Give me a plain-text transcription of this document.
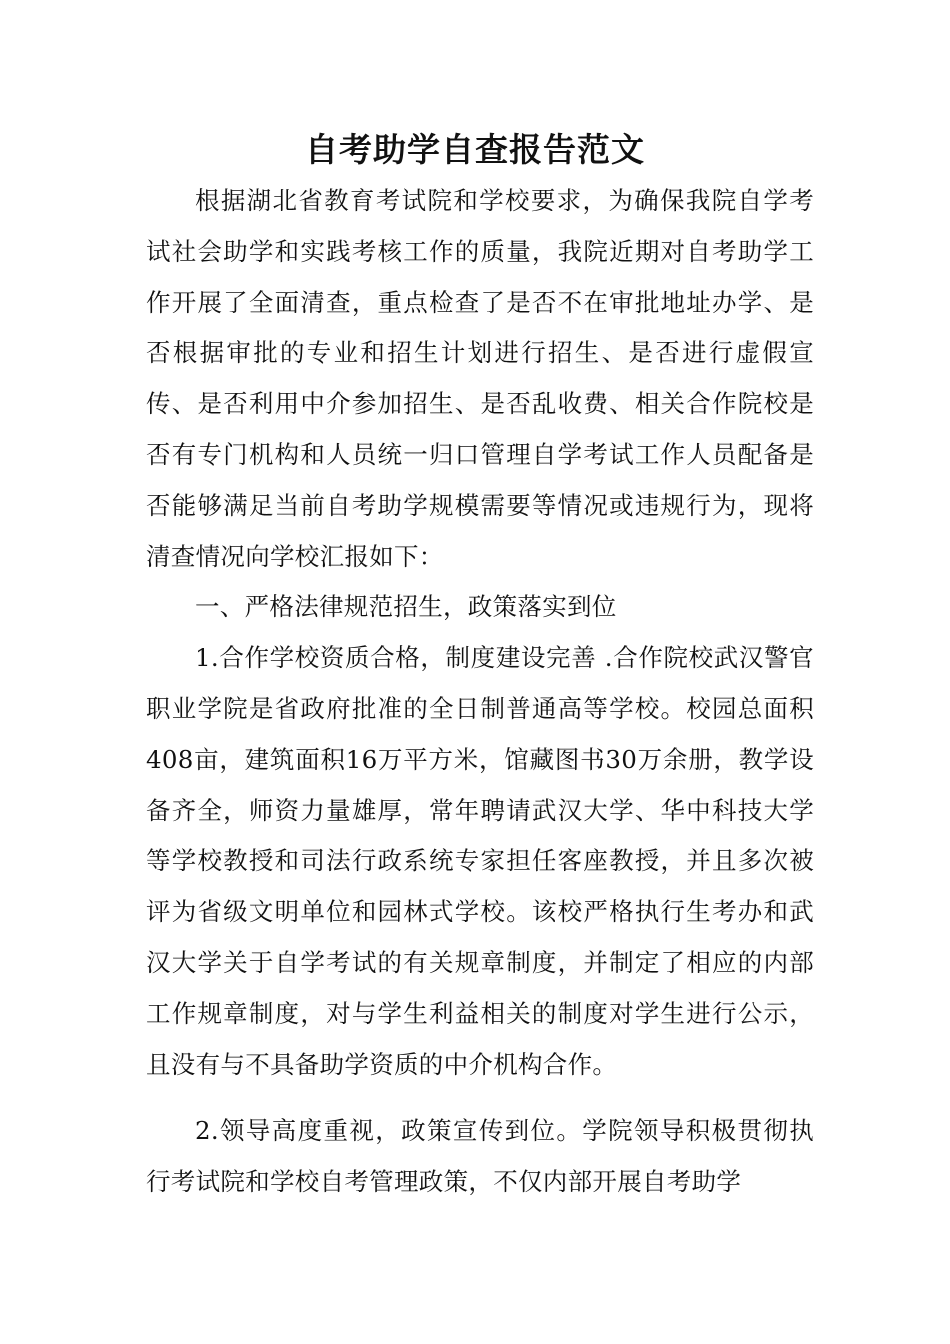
自考助学自查报告范文

根据湖北省教育考试院和学校要求，为确保我院自学考试社会助学和实践考核工作的质量，我院近期对自考助学工作开展了全面清查，重点检查了是否不在审批地址办学、是否根据审批的专业和招生计划进行招生、是否进行虚假宣传、是否利用中介参加招生、是否乱收费、相关合作院校是否有专门机构和人员统一归口管理自学考试工作人员配备是否能够满足当前自考助学规模需要等情况或违规行为，现将清查情况向学校汇报如下：

一、严格法律规范招生，政策落实到位

1.合作学校资质合格，制度建设完善 .合作院校武汉警官职业学院是省政府批准的全日制普通高等学校。校园总面积408亩，建筑面积16万平方米，馆藏图书30万余册，教学设备齐全，师资力量雄厚，常年聘请武汉大学、华中科技大学等学校教授和司法行政系统专家担任客座教授，并且多次被评为省级文明单位和园林式学校。该校严格执行生考办和武汉大学关于自学考试的有关规章制度，并制定了相应的内部工作规章制度，对与学生利益相关的制度对学生进行公示，且没有与不具备助学资质的中介机构合作。

2.领导高度重视，政策宣传到位。学院领导积极贯彻执行考试院和学校自考管理政策，不仅内部开展自考助学
